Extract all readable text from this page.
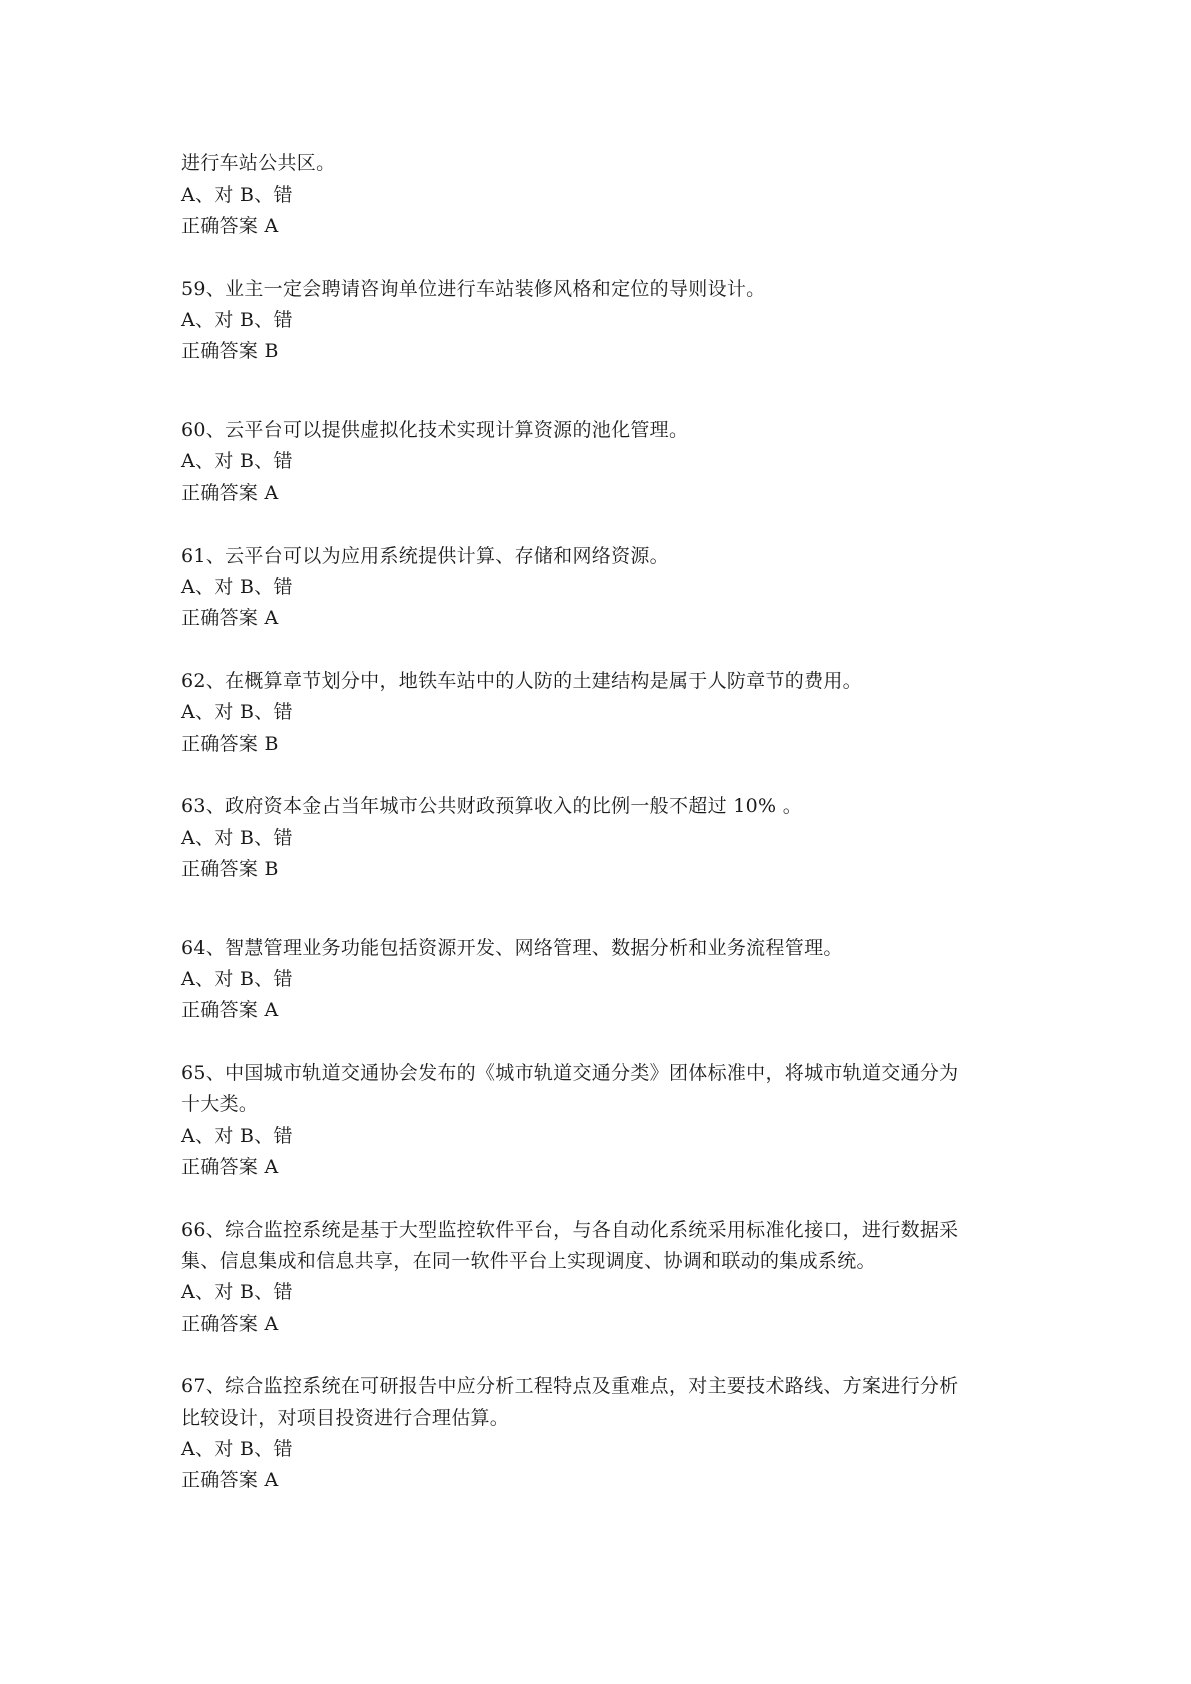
进行车站公共区。
A、对 B、错
正确答案 A
59、业主一定会聘请咨询单位进行车站装修风格和定位的导则设计。
A、对 B、错
正确答案 B
60、云平台可以提供虚拟化技术实现计算资源的池化管理。
A、对 B、错
正确答案 A
61、云平台可以为应用系统提供计算、存储和网络资源。
A、对 B、错
正确答案 A
62、在概算章节划分中，地铁车站中的人防的土建结构是属于人防章节的费用。
A、对 B、错
正确答案 B
63、政府资本金占当年城市公共财政预算收入的比例一般不超过 10% 。
A、对 B、错
正确答案 B
64、智慧管理业务功能包括资源开发、网络管理、数据分析和业务流程管理。
A、对 B、错
正确答案 A
65、中国城市轨道交通协会发布的《城市轨道交通分类》团体标准中，将城市轨道交通分为
十大类。
A、对 B、错
正确答案 A
66、综合监控系统是基于大型监控软件平台，与各自动化系统采用标准化接口，进行数据采
集、信息集成和信息共享，在同一软件平台上实现调度、协调和联动的集成系统。
A、对 B、错
正确答案 A
67、综合监控系统在可研报告中应分析工程特点及重难点，对主要技术路线、方案进行分析
比较设计，对项目投资进行合理估算。
A、对 B、错
正确答案 A
